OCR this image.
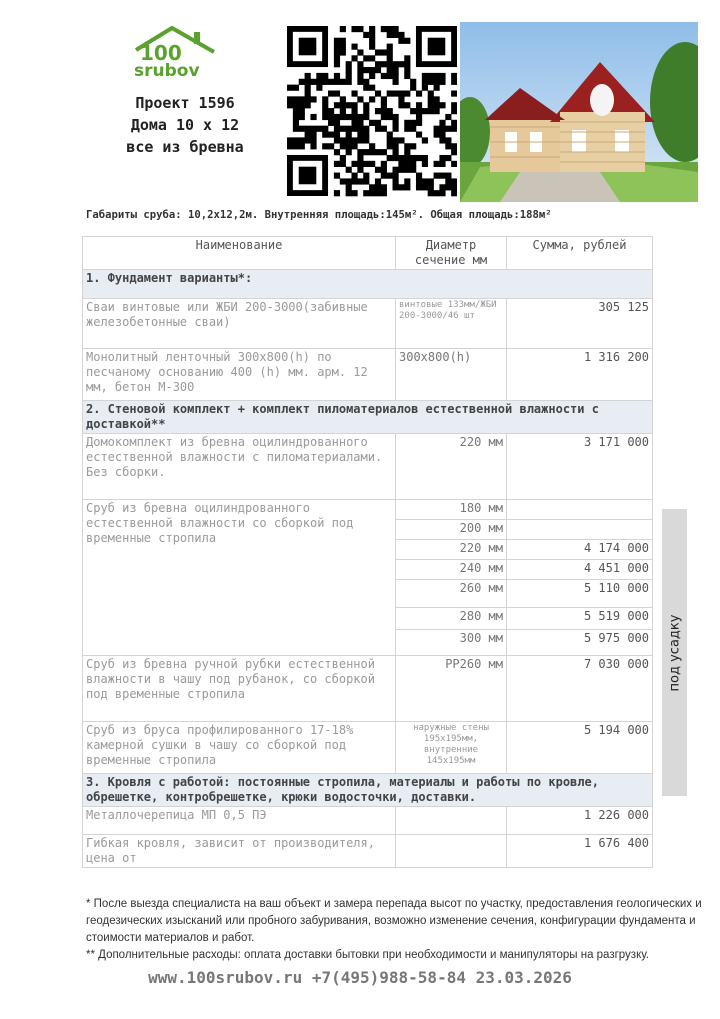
100
srubov
Проект 1596
Дома 10 х 12
все из бревна
Габариты сруба: 10,2х12,2м. Внутренняя площадь:145м². Общая площадь:188м²
Наименование	Диаметр сечение мм	Сумма, рублей
1. Фундамент варианты*:		
Сваи винтовые или ЖБИ 200-3000(забивные железобетонные сваи)	винтовые 133мм/ЖБИ 200-3000/46 шт	305 125
Монолитный ленточный 300х800(h) по песчаному основанию 400 (h) мм. арм. 12 мм, бетон М-300	300х800(h)	1 316 200
2. Стеновой комплект + комплект пиломатериалов естественной влажности с доставкой**		
Домокомплект из бревна оцилиндрованного естественной влажности с пиломатериалами. Без сборки.	220 мм	3 171 000
Сруб из бревна оцилиндрованного естественной влажности со сборкой под временные стропила	180 мм	
	200 мм	
	220 мм	4 174 000
	240 мм	4 451 000
	260 мм	5 110 000
	280 мм	5 519 000
	300 мм	5 975 000
Сруб из бревна ручной рубки естественной влажности в чашу под рубанок, со сборкой под временные стропила	РР260 мм	7 030 000
Сруб из бруса профилированного 17-18% камерной сушки в чашу со сборкой под временные стропила	наружные стены 195х195мм, внутренние 145х195мм	5 194 000
3. Кровля с работой: постоянные стропила, материалы и работы по кровле, обрешетке, контробрешетке, крюки водосточки, доставки.		
Металлочерепица МП 0,5 ПЭ		1 226 000
Гибкая кровля, зависит от производителя, цена от		1 676 400
под усадку
* После выезда специалиста на ваш объект и замера перепада высот по участку, предоставления геологических и геодезических изысканий или пробного забуривания, возможно изменение сечения, конфигурации фундамента и стоимости материалов и работ.
** Дополнительные расходы: оплата доставки бытовки при необходимости и манипуляторы на разгрузку.
www.100srubov.ru +7(495)988-58-84 23.03.2026
